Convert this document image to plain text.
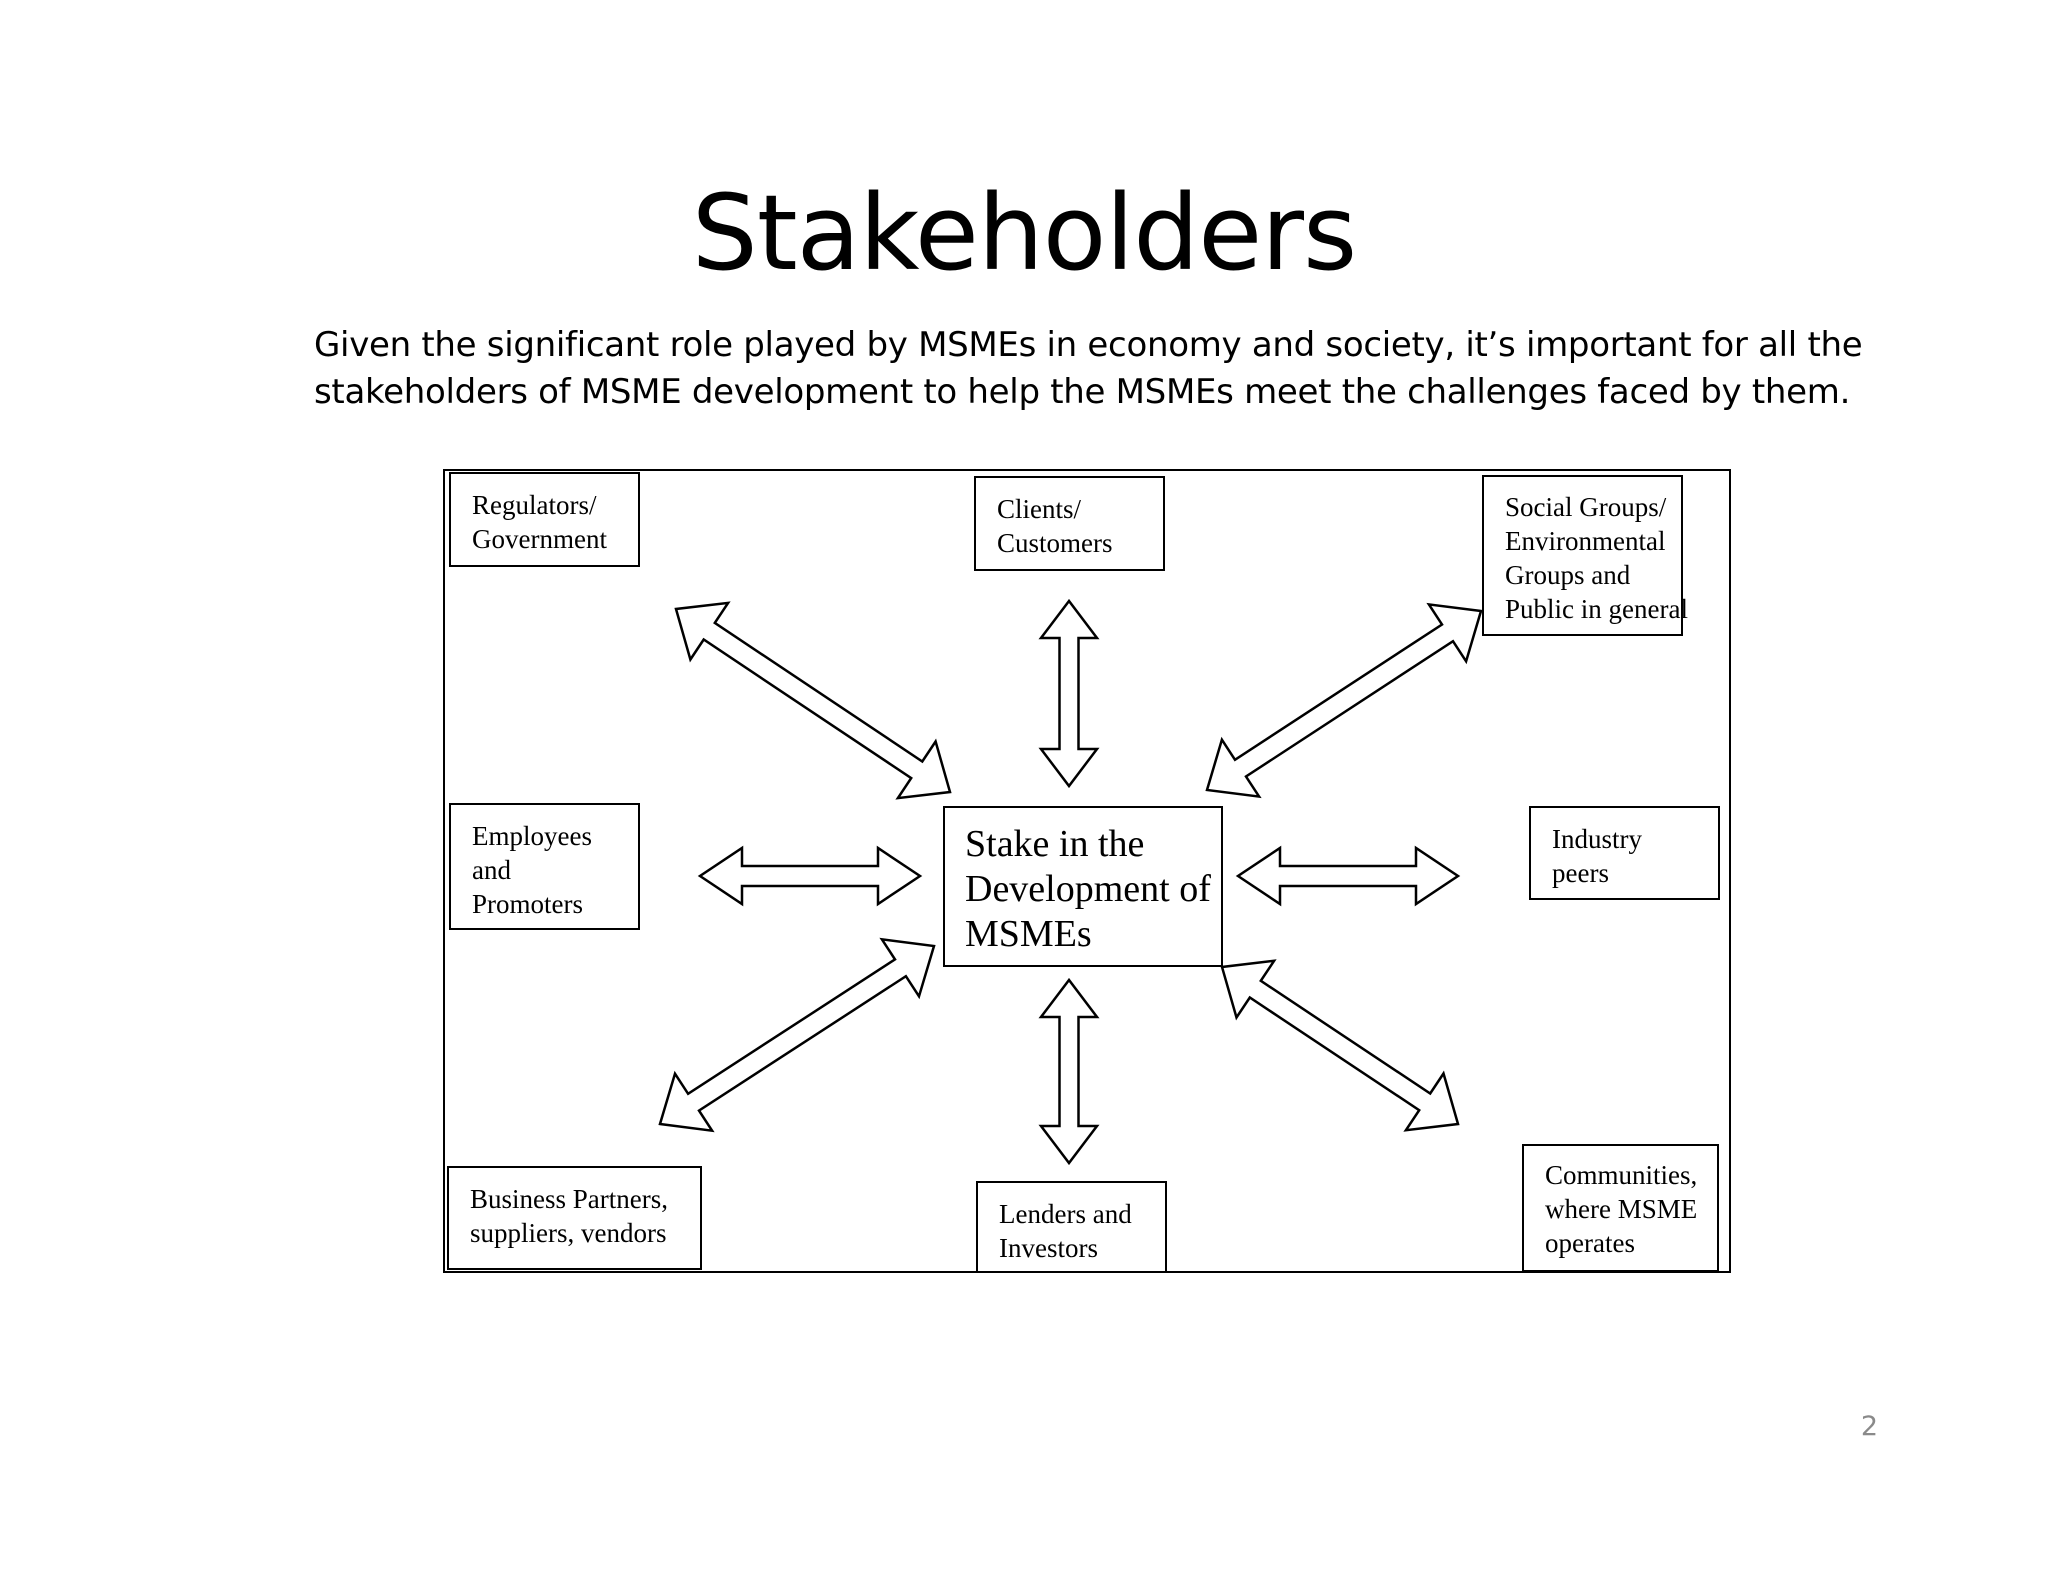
Stakeholders
Given the significant role played by MSMEs in economy and society, it’s important for all the
stakeholders of MSME development to help the MSMEs meet the challenges faced by them.
Regulators/
Government
Clients/
Customers
Social Groups/
Environmental
Groups and
Public in general
Employees
and
Promoters
Stake in the
Development of
MSMEs
Industry
peers
Business Partners,
suppliers, vendors
Lenders and
Investors
Communities,
where MSME
operates
2
